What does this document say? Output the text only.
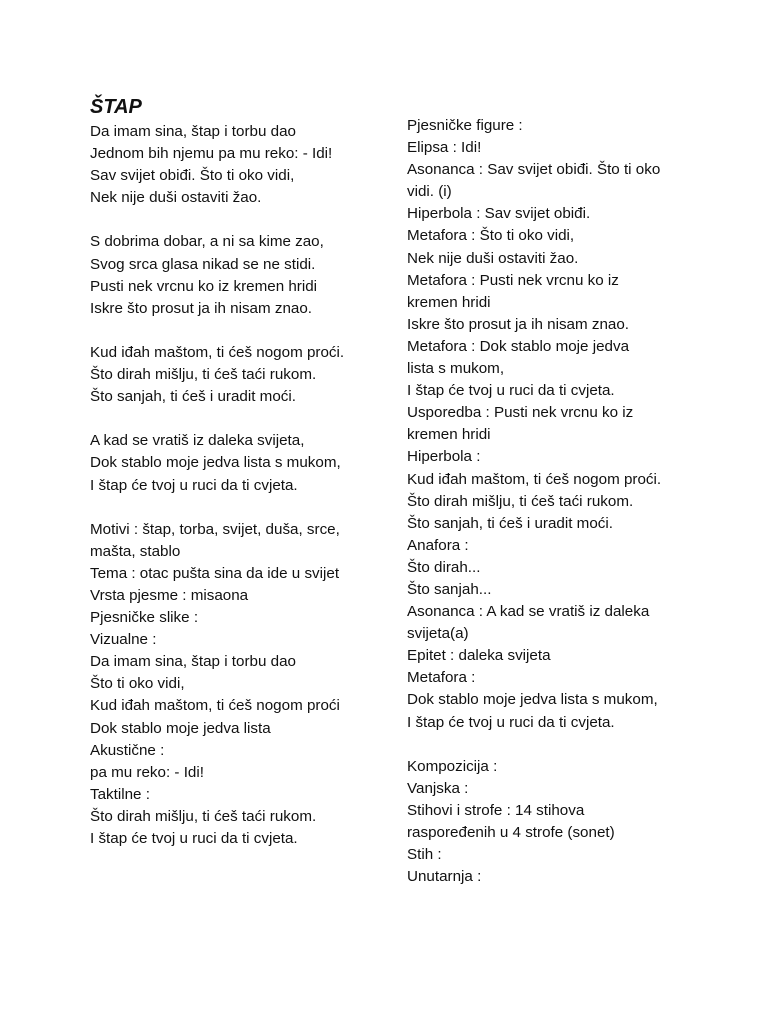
ŠTAP
Da imam sina, štap i torbu dao
Jednom bih njemu pa mu reko: - Idi!
Sav svijet obiđi. Što ti oko vidi,
Nek nije duši ostaviti žao.
S dobrima dobar, a ni sa kime zao,
Svog srca glasa nikad se ne stidi.
Pusti nek vrcnu ko iz kremen hridi
Iskre što prosut ja ih nisam znao.
Kud iđah maštom, ti ćeš nogom proći.
Što dirah mišlju, ti ćeš taći rukom.
Što sanjah, ti ćeš i uradit moći.
A kad se vratiš iz daleka svijeta,
Dok stablo moje jedva lista s mukom,
I štap će tvoj u ruci da ti cvjeta.
Motivi : štap, torba, svijet, duša, srce,
mašta, stablo
Tema : otac pušta sina da ide u svijet
Vrsta pjesme : misaona
Pjesničke slike :
Vizualne :
Da imam sina, štap i torbu dao
Što ti oko vidi,
Kud iđah maštom, ti ćeš nogom proći
Dok stablo moje jedva lista
Akustične :
pa mu reko: - Idi!
Taktilne :
Što dirah mišlju, ti ćeš taći rukom.
I štap će tvoj u ruci da ti cvjeta.
Pjesničke figure :
Elipsa : Idi!
Asonanca : Sav svijet obiđi. Što ti oko
vidi. (i)
Hiperbola : Sav svijet obiđi.
Metafora : Što ti oko vidi,
Nek nije duši ostaviti žao.
Metafora : Pusti nek vrcnu ko iz
kremen hridi
Iskre što prosut ja ih nisam znao.
Metafora : Dok stablo moje jedva
lista s mukom,
I štap će tvoj u ruci da ti cvjeta.
Usporedba : Pusti nek vrcnu ko iz
kremen hridi
Hiperbola :
Kud iđah maštom, ti ćeš nogom proći.
Što dirah mišlju, ti ćeš taći rukom.
Što sanjah, ti ćeš i uradit moći.
Anafora :
Što dirah...
Što sanjah...
Asonanca : A kad se vratiš iz daleka
svijeta(a)
Epitet : daleka svijeta
Metafora :
Dok stablo moje jedva lista s mukom,
I štap će tvoj u ruci da ti cvjeta.
Kompozicija :
Vanjska :
Stihovi i strofe : 14 stihova
raspoređenih u 4 strofe (sonet)
Stih :
Unutarnja :
